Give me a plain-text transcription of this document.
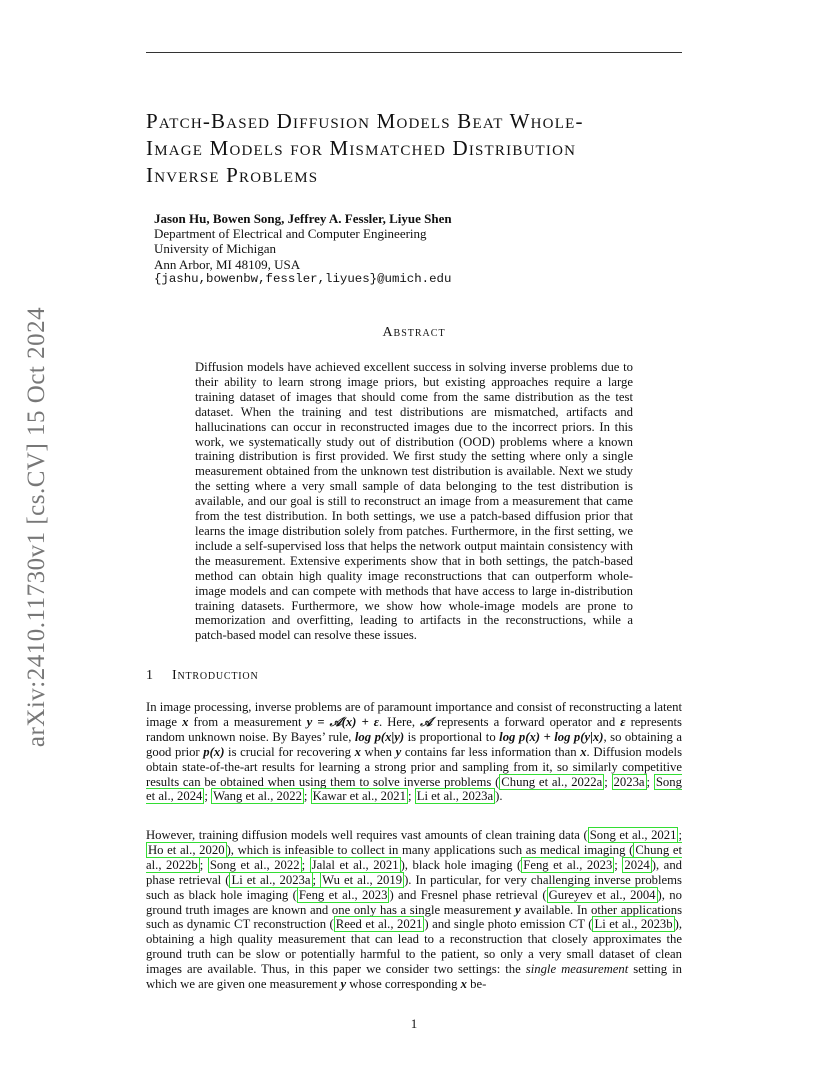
arXiv:2410.11730v1 [cs.CV] 15 Oct 2024
Patch-Based Diffusion Models Beat Whole-
Image Models for Mismatched Distribution
Inverse Problems
Jason Hu, Bowen Song, Jeffrey A. Fessler, Liyue Shen
Department of Electrical and Computer Engineering
University of Michigan
Ann Arbor, MI 48109, USA
{jashu,bowenbw,fessler,liyues}@umich.edu
Abstract
Diffusion models have achieved excellent success in solving inverse problems due to their ability to learn strong image priors, but existing approaches require a large training dataset of images that should come from the same distribution as the test dataset. When the training and test distributions are mismatched, artifacts and hallucinations can occur in reconstructed images due to the incorrect priors. In this work, we systematically study out of distribution (OOD) problems where a known training distribution is first provided. We first study the setting where only a single measurement obtained from the unknown test distribution is available. Next we study the setting where a very small sample of data belonging to the test distribution is available, and our goal is still to reconstruct an image from a measurement that came from the test distribution. In both settings, we use a patch-based diffusion prior that learns the image distribution solely from patches. Furthermore, in the first setting, we include a self-supervised loss that helps the network output maintain consistency with the measurement. Extensive experiments show that in both settings, the patch-based method can obtain high quality image reconstructions that can outperform whole-image models and can compete with methods that have access to large in-distribution training datasets. Furthermore, we show how whole-image models are prone to memorization and overfitting, leading to artifacts in the reconstructions, while a patch-based model can resolve these issues.
1 Introduction

In image processing, inverse problems are of paramount importance and consist of reconstructing a latent image x from a measurement y = 𝒜(x) + ε. Here, 𝒜 represents a forward operator and ε represents random unknown noise. By Bayes’ rule, log p(x|y) is proportional to log p(x) + log p(y|x), so obtaining a good prior p(x) is crucial for recovering x when y contains far less information than x. Diffusion models obtain state-of-the-art results for learning a strong prior and sampling from it, so similarly competitive results can be obtained when using them to solve inverse problems ( Chung et al., 2022a ; 2023a ; Song et al., 2024 ; Wang et al., 2022 ; Kawar et al., 2021 ; Li et al., 2023a ).

However, training diffusion models well requires vast amounts of clean training data ( Song et al., 2021 ; Ho et al., 2020 ), which is infeasible to collect in many applications such as medical imaging ( Chung et al., 2022b ; Song et al., 2022 ; Jalal et al., 2021 ), black hole imaging ( Feng et al., 2023 ; 2024 ), and phase retrieval ( Li et al., 2023a ; Wu et al., 2019 ). In particular, for very challenging inverse problems such as black hole imaging ( Feng et al., 2023 ) and Fresnel phase retrieval ( Gureyev et al., 2004 ), no ground truth images are known and one only has a single measurement y available. In other applications such as dynamic CT reconstruction ( Reed et al., 2021 ) and single photo emission CT ( Li et al., 2023b ), obtaining a high quality measurement that can lead to a reconstruction that closely approximates the ground truth can be slow or potentially harmful to the patient, so only a very small dataset of clean images are available. Thus, in this paper we consider two settings: the single measurement setting in which we are given one measurement y whose corresponding x be-

1
